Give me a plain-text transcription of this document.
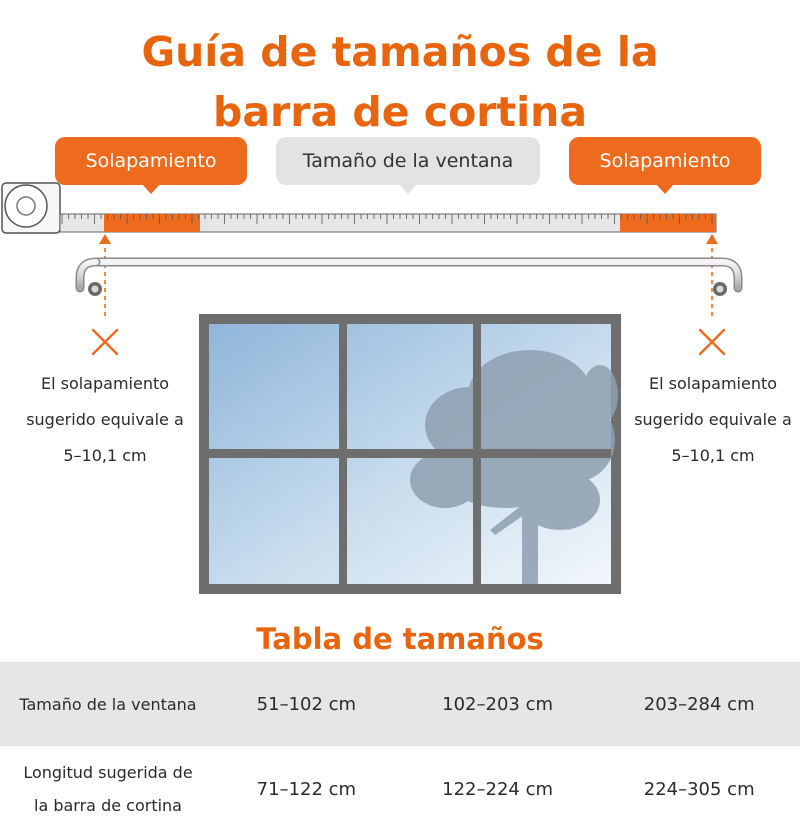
Guía de tamaños de la
barra de cortina
Solapamiento	Tamaño de la ventana	Solapamiento
El solapamiento
sugerido equivale a
5–10,1 cm
El solapamiento
sugerido equivale a
5–10,1 cm
Tabla de tamaños
Tamaño de la ventana	51–102 cm	102–203 cm	203–284 cm

Longitud sugerida de
la barra de cortina	71–122 cm	122–224 cm	224–305 cm
